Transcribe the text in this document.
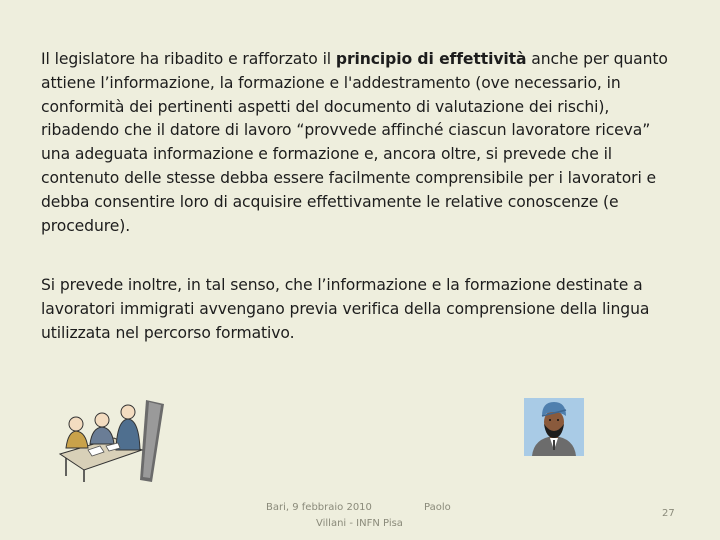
Il legislatore ha ribadito e rafforzato il principio di effettività anche per quanto attiene l’informazione, la formazione e l'addestramento (ove necessario, in conformità dei pertinenti aspetti del documento di valutazione dei rischi), ribadendo che il datore di lavoro “provvede affinché ciascun lavoratore riceva” una adeguata informazione e formazione e, ancora oltre, si prevede che il contenuto delle stesse debba essere facilmente comprensibile per i lavoratori e debba consentire loro di acquisire effettivamente le relative conoscenze (e procedure).
Si prevede inoltre, in tal senso, che l’informazione e la formazione destinate a lavoratori immigrati avvengano previa verifica della comprensione della lingua utilizzata nel percorso formativo.
Bari, 9 febbraio 2010
Villani - INFN Pisa
Paolo
27
